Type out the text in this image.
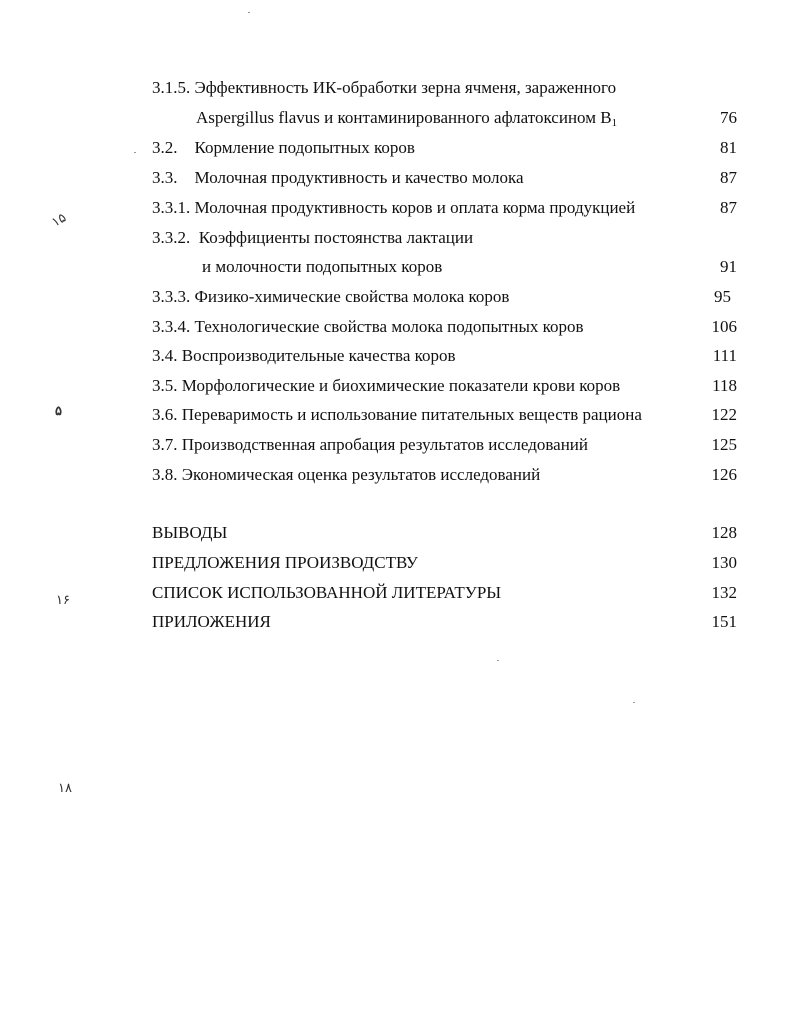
3.1.5. Эффективность ИК-обработки зерна ячменя, зараженного
Aspergillus flavus и контаминированного афлатоксином $B_1$	76
3.2.    Кормление подопытных коров	81
3.3.    Молочная продуктивность и качество молока	87
3.3.1. Молочная продуктивность коров и оплата корма продукцией	87
3.3.2.  Коэффициенты постоянства лактации
и молочности подопытных коров	91
3.3.3. Физико-химические свойства молока коров	95
3.3.4. Технологические свойства молока подопытных коров	106
3.4. Воспроизводительные качества коров	111
3.5. Морфологические и биохимические показатели крови коров	118
3.6. Переваримость и использование питательных веществ рациона	122
3.7. Производственная апробация результатов исследований	125
3.8. Экономическая оценка результатов исследований	126
ВЫВОДЫ	128
ПРЕДЛОЖЕНИЯ ПРОИЗВОДСТВУ	130
СПИСОК ИСПОЛЬЗОВАННОЙ ЛИТЕРАТУРЫ	132
ПРИЛОЖЕНИЯ	151
۱۵
۵
۱۶
۱۸
